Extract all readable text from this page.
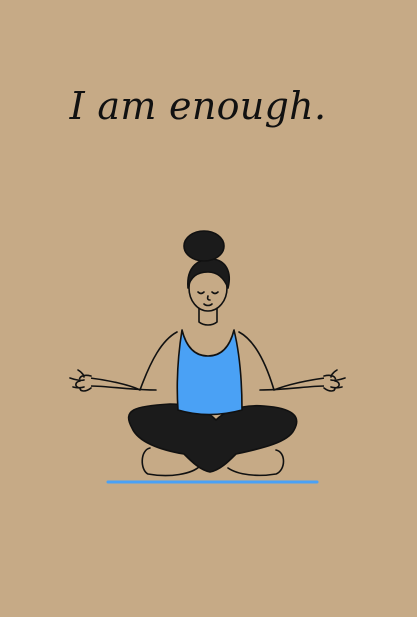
I am enough.
